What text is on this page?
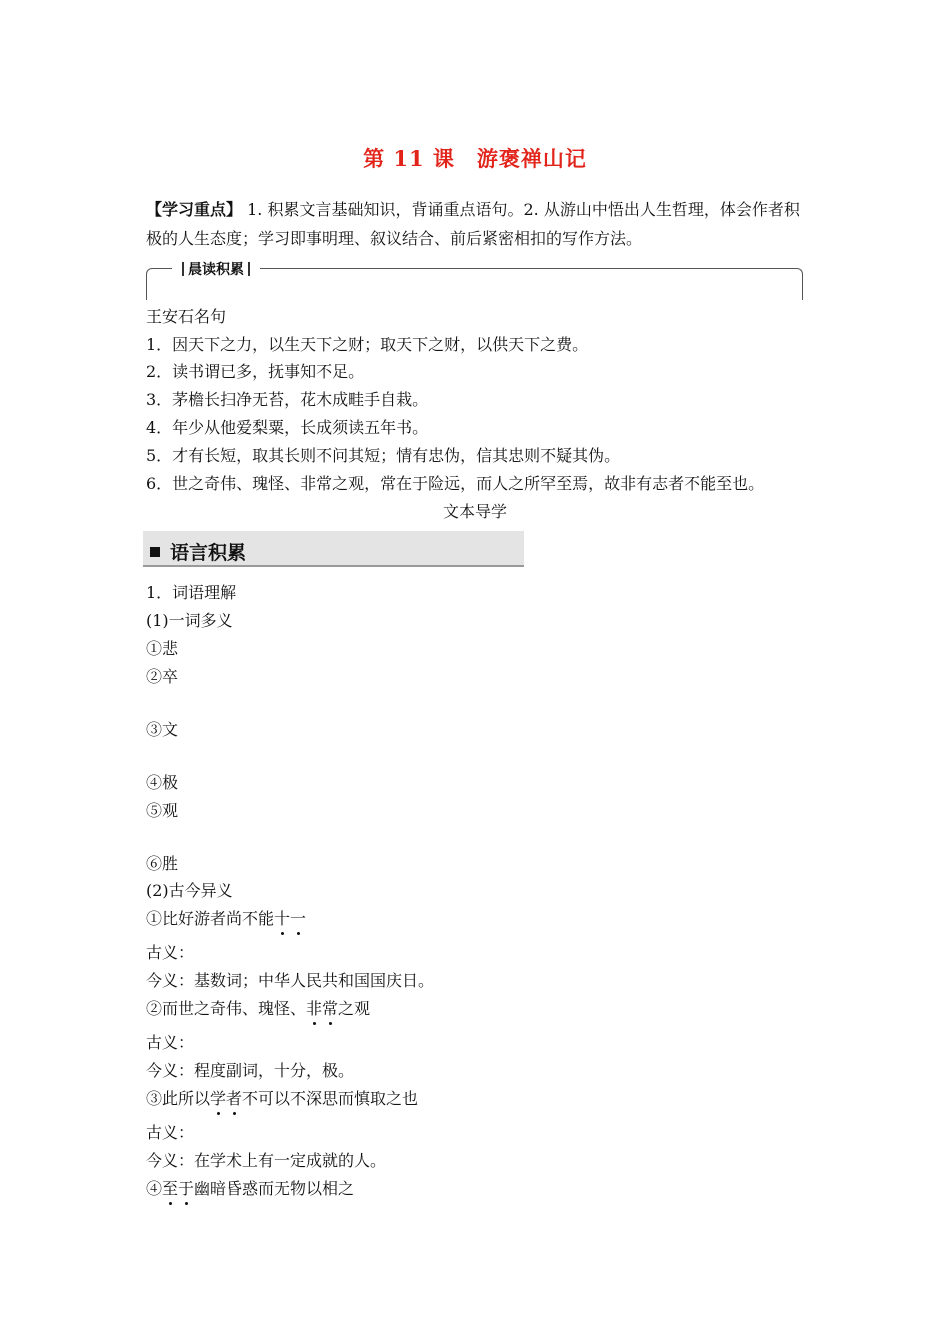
第 11 课　游褒禅山记
【学习重点】 1. 积累文言基础知识，背诵重点语句。2. 从游山中悟出人生哲理，体会作者积
极的人生态度；学习即事明理、叙议结合、前后紧密相扣的写作方法。
晨读积累
王安石名句
1．因天下之力，以生天下之财；取天下之财，以供天下之费。
2．读书谓已多，抚事知不足。
3．茅檐长扫净无苔，花木成畦手自栽。
4．年少从他爱梨粟，长成须读五年书。
5．才有长短，取其长则不问其短；情有忠伪，信其忠则不疑其伪。
6．世之奇伟、瑰怪、非常之观，常在于险远，而人之所罕至焉，故非有志者不能至也。
文本导学
语言积累
1．词语理解
(1)一词多义
①悲
②卒
③文
④极
⑤观
⑥胜
(2)古今异义
①比好游者尚不能十一
古义：
今义：基数词；中华人民共和国国庆日。
②而世之奇伟、瑰怪、非常之观
古义：
今义：程度副词，十分，极。
③此所以学者不可以不深思而慎取之也
古义：
今义：在学术上有一定成就的人。
④至于幽暗昏惑而无物以相之
